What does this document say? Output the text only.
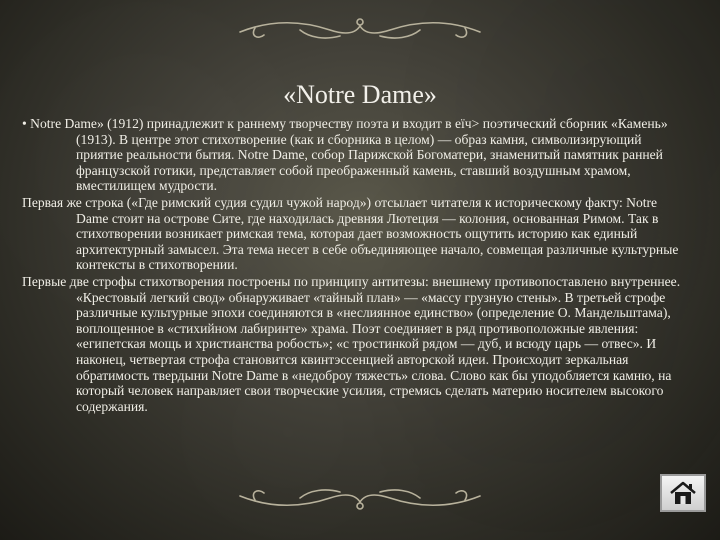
«Notre Dame»

• Notre Dame» (1912) принадлежит к раннему творчеству поэта и входит в еïч> поэтический сборник «Камень» (1913). В центре этот стихотворение (как и сборника в целом) — образ камня, символизирующий приятие реальности бытия. Notre Dame, собор Парижской Богоматери, знаменитый памятник ранней французской готики, представляет собой преображенный камень, ставший воздушным храмом, вместилищем мудрости.

Первая же строка («Где римский судия судил чужой народ») отсылает читателя к историческому факту: Notre Dame стоит на острове Сите, где находилась древняя Лютеция — колония, основанная Римом. Так в стихотворении возникает римская тема, которая дает возможность ощутить историю как единый архитектурный замысел. Эта тема несет в себе объединяющее начало, совмещая различные культурные контексты в стихотворении.

Первые две строфы стихотворения построены по принципу антитезы: внешнему противопоставлено внутреннее. «Крестовый легкий свод» обнаруживает «тайный план» — «массу грузную стены». В третьей строфе различные культурные эпохи соединяются в «неслиянное единство» (определение О. Мандельштама), воплощенное в «стихийном лабиринте» храма. Поэт соединяет в ряд противоположные явления: «египетская мощь и христианства робость»; «с тростинкой рядом — дуб, и всюду царь — отвес». И наконец, четвертая строфа становится квинтэссенцией авторской идеи. Происходит зеркальная обратимость твердыни Notre Dame в «недоброу тяжесть» слова. Слово как бы уподобляется камню, на который человек направляет свои творческие усилия, стремясь сделать материю носителем высокого содержания.
